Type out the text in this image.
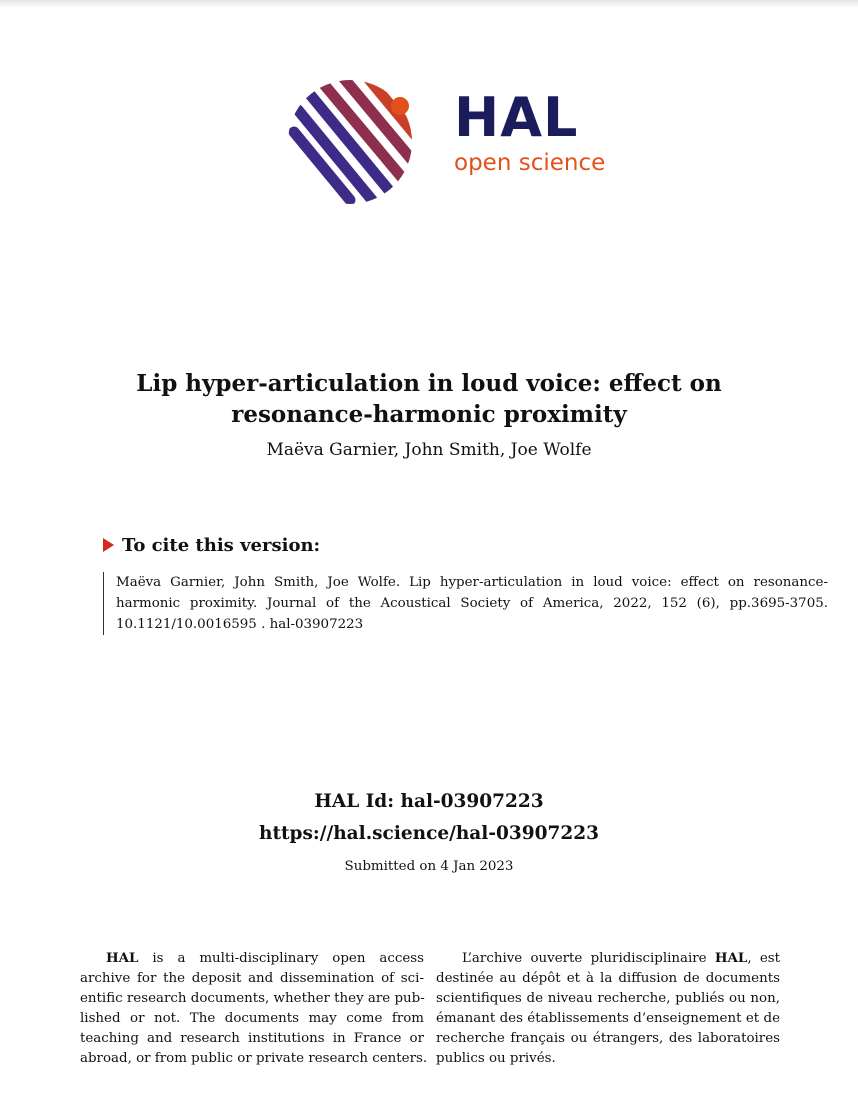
HAL
open science
Lip hyper-articulation in loud voice: effect on
resonance-harmonic proximity
Maëva Garnier, John Smith, Joe Wolfe
To cite this version:
Maëva Garnier, John Smith, Joe Wolfe. Lip hyper-articulation in loud voice: effect on resonance-
harmonic proximity. Journal of the Acoustical Society of America, 2022, 152 (6), pp.3695-3705.
10.1121/10.0016595 . hal-03907223
HAL Id: hal-03907223
https://hal.science/hal-03907223
Submitted on 4 Jan 2023
HAL is a multi-disciplinary open access
archive for the deposit and dissemination of sci-
entific research documents, whether they are pub-
lished or not. The documents may come from
teaching and research institutions in France or
abroad, or from public or private research centers.
L’archive ouverte pluridisciplinaire HAL, est
destinée au dépôt et à la diffusion de documents
scientifiques de niveau recherche, publiés ou non,
émanant des établissements d’enseignement et de
recherche français ou étrangers, des laboratoires
publics ou privés.
